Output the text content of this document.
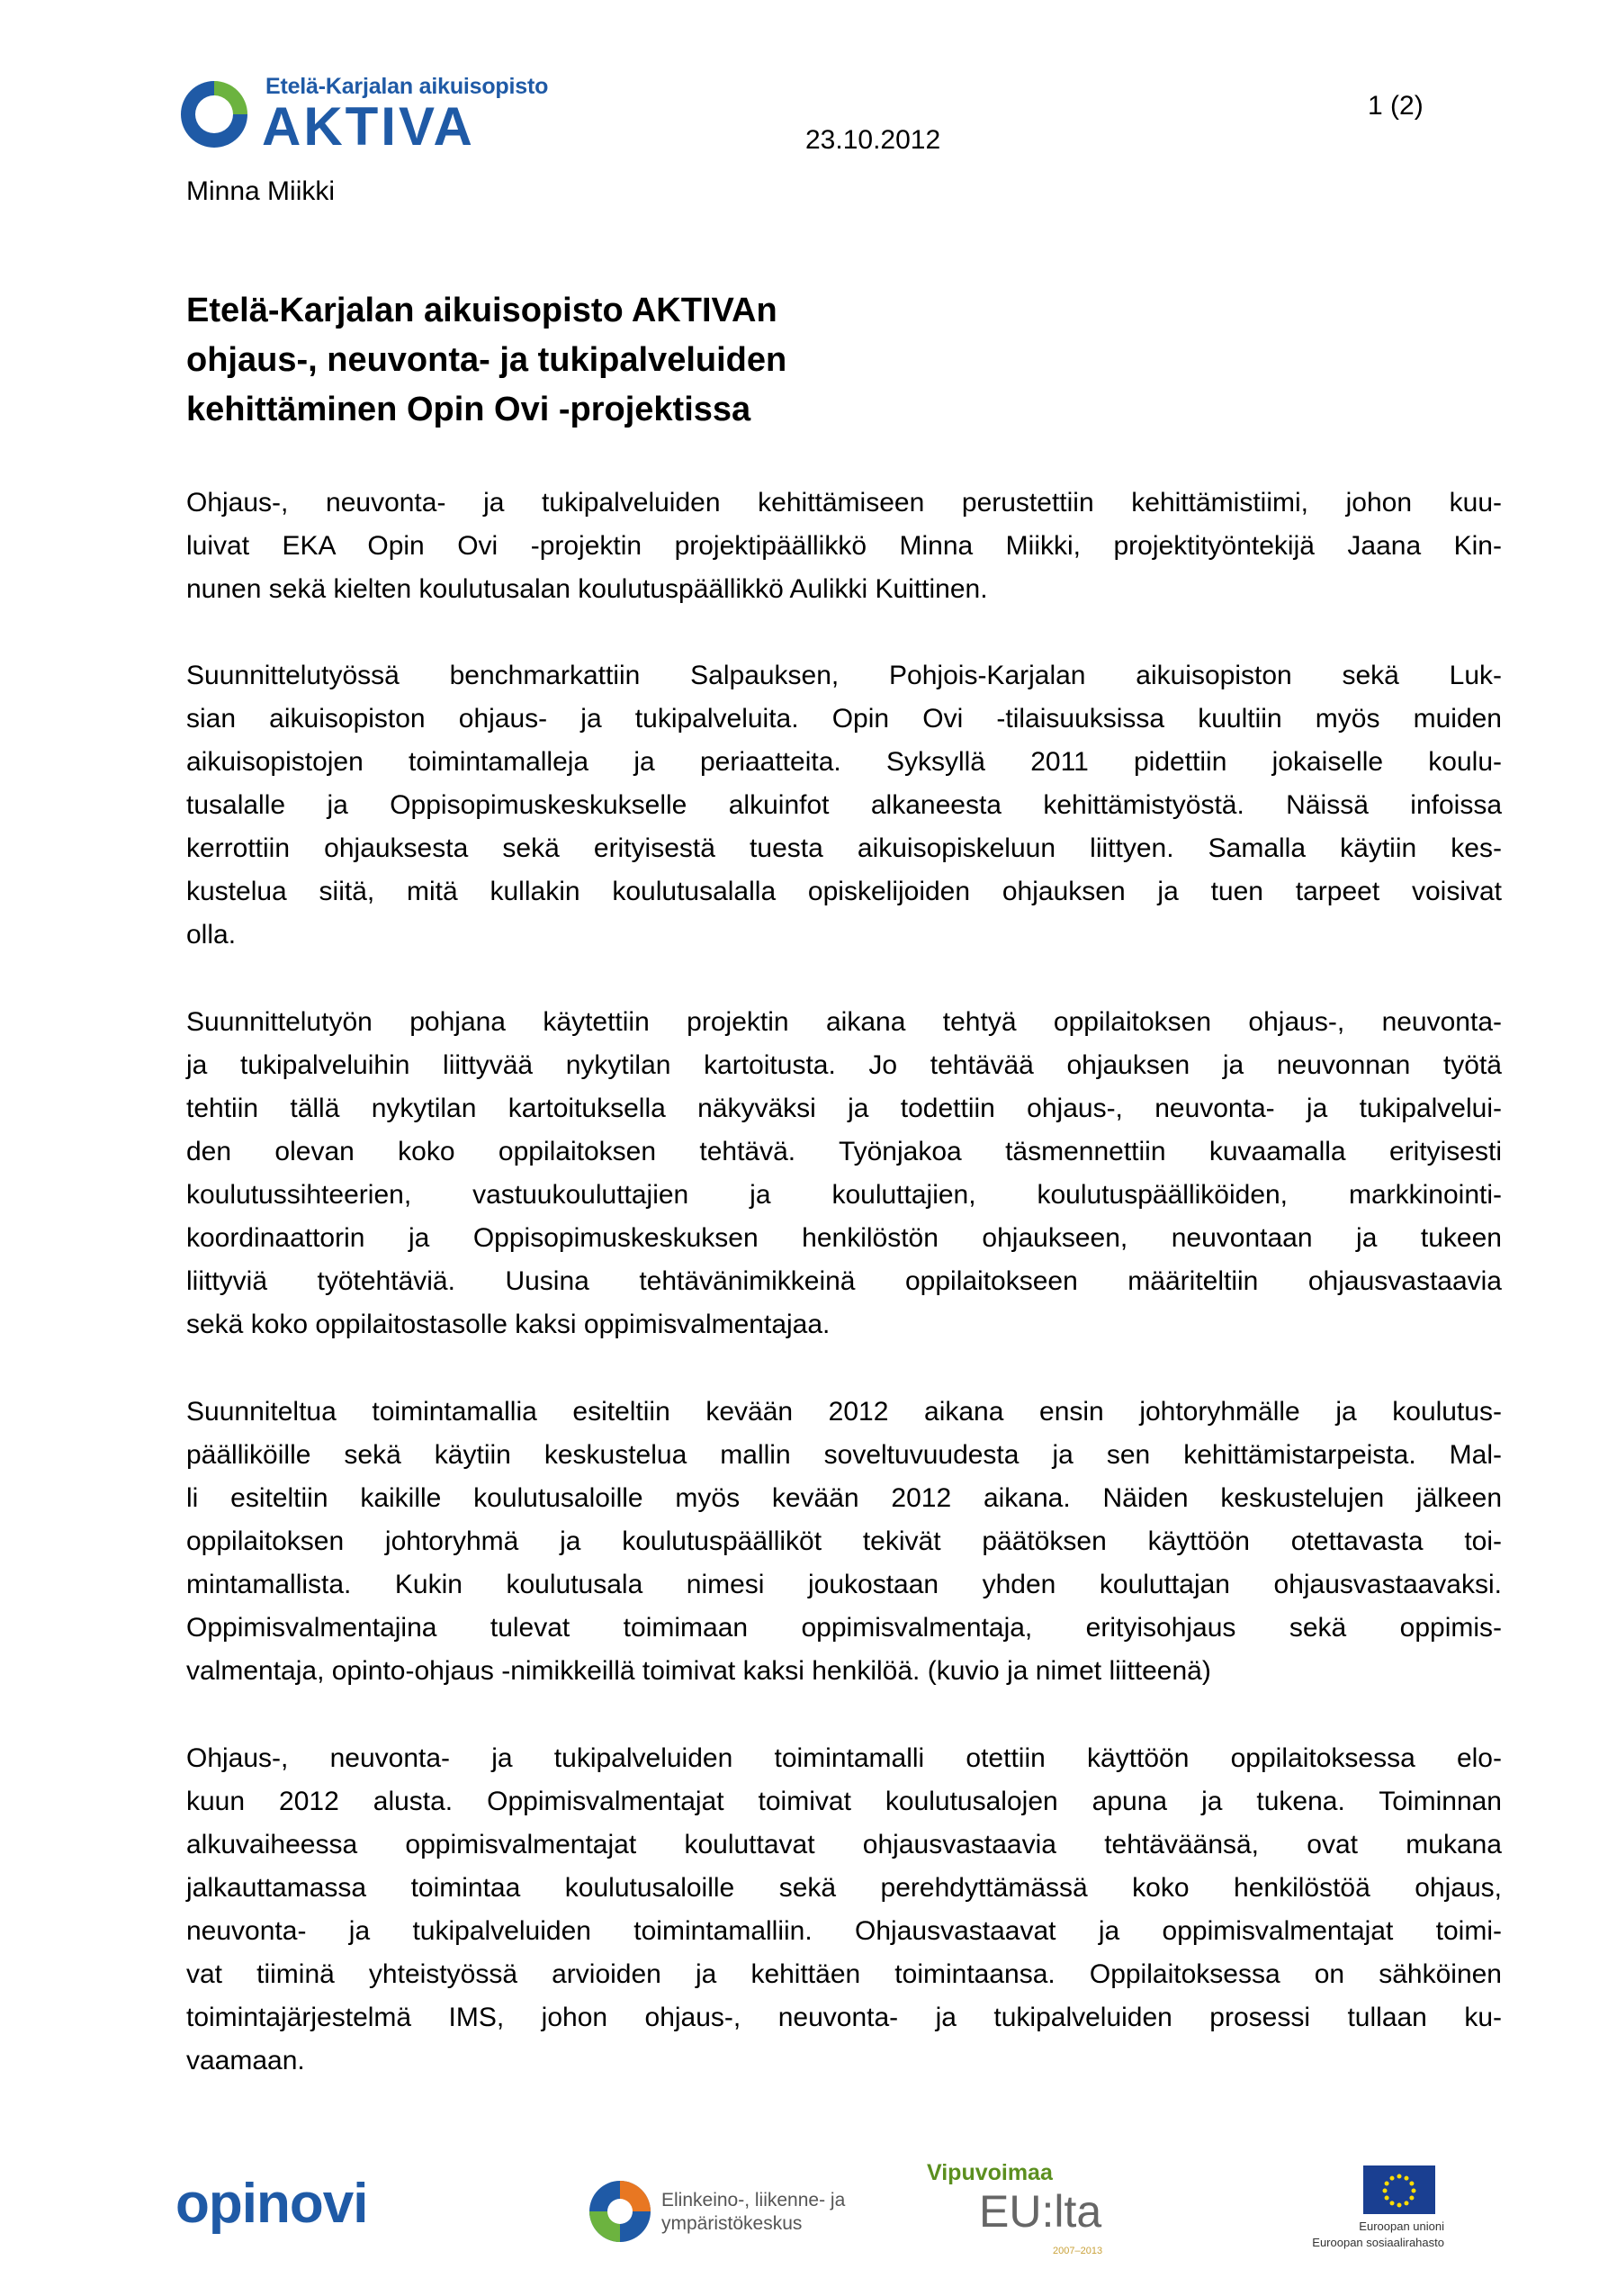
Etelä-Karjalan aikuisopisto
AKTIVA	23.10.2012
1 (2)
Minna Miikki
Etelä-Karjalan aikuisopisto AKTIVAn
ohjaus-, neuvonta- ja tukipalveluiden
kehittäminen Opin Ovi -projektissa
Ohjaus-, neuvonta- ja tukipalveluiden kehittämiseen perustettiin kehittämistiimi, johon kuu-
luivat EKA Opin Ovi -projektin projektipäällikkö Minna Miikki, projektityöntekijä Jaana Kin-
nunen sekä kielten koulutusalan koulutuspäällikkö Aulikki Kuittinen.
Suunnittelutyössä benchmarkattiin Salpauksen, Pohjois-Karjalan aikuisopiston sekä Luk-
sian aikuisopiston ohjaus- ja tukipalveluita. Opin Ovi -tilaisuuksissa kuultiin myös muiden
aikuisopistojen toimintamalleja ja periaatteita. Syksyllä 2011 pidettiin jokaiselle koulu-
tusalalle ja Oppisopimuskeskukselle alkuinfot alkaneesta kehittämistyöstä. Näissä infoissa
kerrottiin ohjauksesta sekä erityisestä tuesta aikuisopiskeluun liittyen. Samalla käytiin kes-
kustelua siitä, mitä kullakin koulutusalalla opiskelijoiden ohjauksen ja tuen tarpeet voisivat
olla.
Suunnittelutyön pohjana käytettiin projektin aikana tehtyä oppilaitoksen ohjaus-, neuvonta-
ja tukipalveluihin liittyvää nykytilan kartoitusta. Jo tehtävää ohjauksen ja neuvonnan työtä
tehtiin tällä nykytilan kartoituksella näkyväksi ja todettiin ohjaus-, neuvonta- ja tukipalvelui-
den olevan koko oppilaitoksen tehtävä. Työnjakoa täsmennettiin kuvaamalla erityisesti
koulutussihteerien, vastuukouluttajien ja kouluttajien, koulutuspäälliköiden, markkinointi-
koordinaattorin ja Oppisopimuskeskuksen henkilöstön ohjaukseen, neuvontaan ja tukeen
liittyviä työtehtäviä. Uusina tehtävänimikkeinä oppilaitokseen määriteltiin ohjausvastaavia
sekä koko oppilaitostasolle kaksi oppimisvalmentajaa.
Suunniteltua toimintamallia esiteltiin kevään 2012 aikana ensin johtoryhmälle ja koulutus-
päälliköille sekä käytiin keskustelua mallin soveltuvuudesta ja sen kehittämistarpeista. Mal-
li esiteltiin kaikille koulutusaloille myös kevään 2012 aikana. Näiden keskustelujen jälkeen
oppilaitoksen johtoryhmä ja koulutuspäälliköt tekivät päätöksen käyttöön otettavasta toi-
mintamallista. Kukin koulutusala nimesi joukostaan yhden kouluttajan ohjausvastaavaksi.
Oppimisvalmentajina tulevat toimimaan oppimisvalmentaja, erityisohjaus sekä oppimis-
valmentaja, opinto-ohjaus -nimikkeillä toimivat kaksi henkilöä. (kuvio ja nimet liitteenä)
Ohjaus-, neuvonta- ja tukipalveluiden toimintamalli otettiin käyttöön oppilaitoksessa elo-
kuun 2012 alusta. Oppimisvalmentajat toimivat koulutusalojen apuna ja tukena. Toiminnan
alkuvaiheessa oppimisvalmentajat kouluttavat ohjausvastaavia tehtäväänsä, ovat mukana
jalkauttamassa toimintaa koulutusaloille sekä perehdyttämässä koko henkilöstöä ohjaus,
neuvonta- ja tukipalveluiden toimintamalliin. Ohjausvastaavat ja oppimisvalmentajat toimi-
vat tiiminä yhteistyössä arvioiden ja kehittäen toimintaansa. Oppilaitoksessa on sähköinen
toimintajärjestelmä IMS, johon ohjaus-, neuvonta- ja tukipalveluiden prosessi tullaan ku-
vaamaan.
opinovi	Elinkeino-, liikenne- ja
ympäristökeskus
Vipuvoimaa
EU:lta
2007–2013
Euroopan unioni
Euroopan sosiaalirahasto
